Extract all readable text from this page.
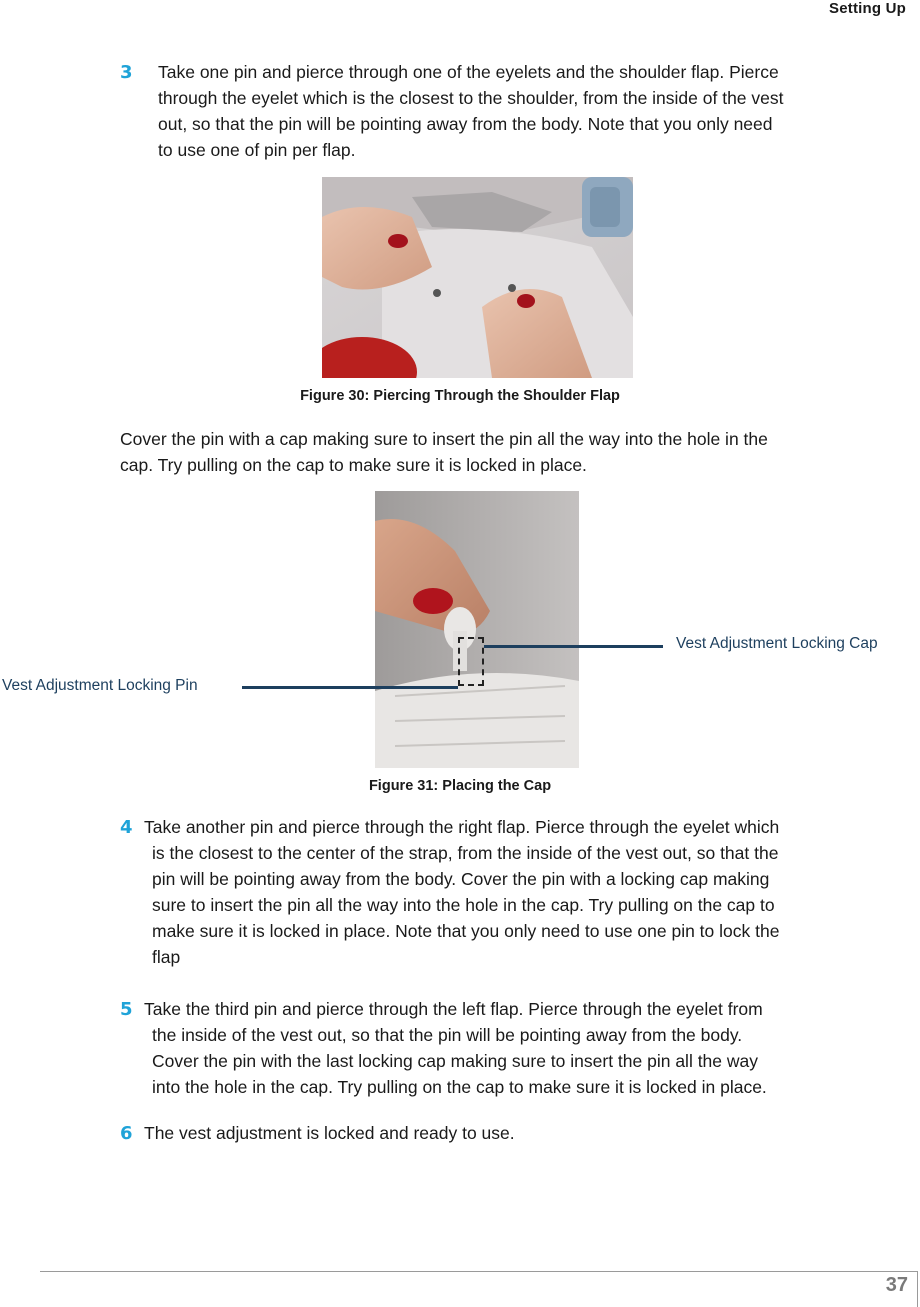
Setting Up
3 Take one pin and pierce through one of the eyelets and the shoulder flap. Pierce
through the eyelet which is the closest to the shoulder, from the inside of the vest
out, so that the pin will be pointing away from the body. Note that you only need
to use one of pin per flap.
Figure 30: Piercing Through the Shoulder Flap
Cover the pin with a cap making sure to insert the pin all the way into the hole in the
cap. Try pulling on the cap to make sure it is locked in place.
Vest Adjustment Locking Cap
Vest Adjustment Locking Pin
Figure 31: Placing the Cap
4 Take another pin and pierce through the right flap. Pierce through the eyelet which
is the closest to the center of the strap, from the inside of the vest out, so that the
pin will be pointing away from the body. Cover the pin with a locking cap making
sure to insert the pin all the way into the hole in the cap. Try pulling on the cap to
make sure it is locked in place. Note that you only need to use one pin to lock the
flap
5 Take the third pin and pierce through the left flap. Pierce through the eyelet from
the inside of the vest out, so that the pin will be pointing away from the body.
Cover the pin with the last locking cap making sure to insert the pin all the way
into the hole in the cap. Try pulling on the cap to make sure it is locked in place.
6 The vest adjustment is locked and ready to use.
37
